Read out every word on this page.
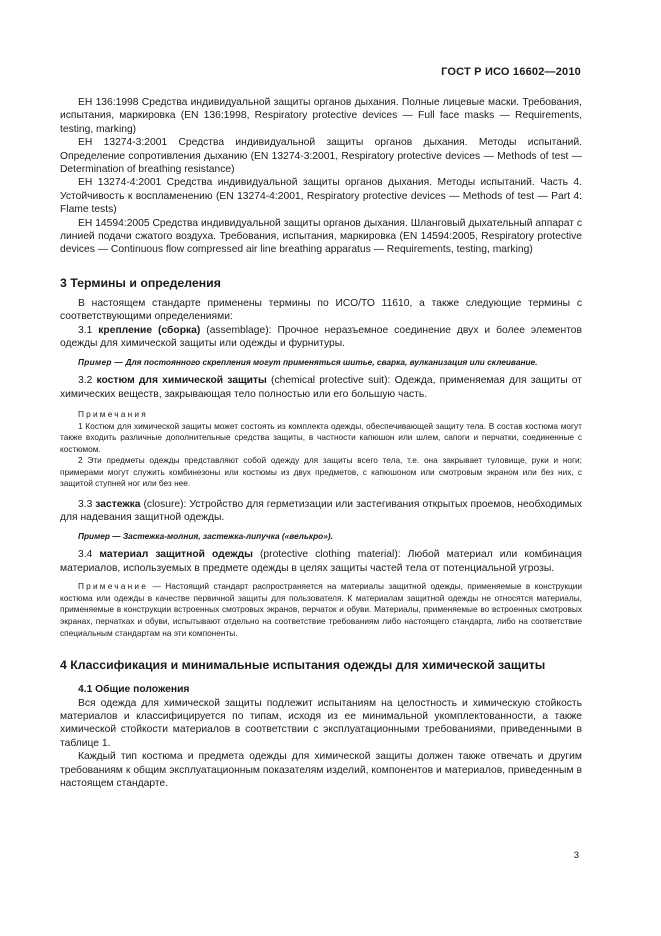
ГОСТ Р ИСО 16602—2010

ЕН 136:1998 Средства индивидуальной защиты органов дыхания. Полные лицевые маски. Требования, испытания, маркировка (EN 136:1998, Respiratory protective devices — Full face masks — Requirements, testing, marking)

ЕН 13274-3:2001 Средства индивидуальной защиты органов дыхания. Методы испытаний. Определение сопротивления дыханию (EN 13274-3:2001, Respiratory protective devices — Methods of test — Determination of breathing resistance)

ЕН 13274-4:2001 Средства индивидуальной защиты органов дыхания. Методы испытаний. Часть 4. Устойчивость к воспламенению (EN 13274-4:2001, Respiratory protective devices — Methods of test — Part 4: Flame tests)

ЕН 14594:2005 Средства индивидуальной защиты органов дыхания. Шланговый дыхательный аппарат с линией подачи сжатого воздуха. Требования, испытания, маркировка (EN 14594:2005, Respiratory protective devices — Continuous flow compressed air line breathing apparatus — Requirements, testing, marking)

3 Термины и определения

В настоящем стандарте применены термины по ИСО/ТО 11610, а также следующие термины с соответствующими определениями:

3.1 крепление (сборка) (assemblage): Прочное неразъемное соединение двух и более элементов одежды для химической защиты или одежды и фурнитуры.

Пример — Для постоянного скрепления могут применяться шитье, сварка, вулканизация или склеивание.

3.2 костюм для химической защиты (chemical protective suit): Одежда, применяемая для защиты от химических веществ, закрывающая тело полностью или его большую часть.

Примечания

1 Костюм для химической защиты может состоять из комплекта одежды, обеспечивающей защиту тела. В состав костюма могут также входить различные дополнительные средства защиты, в частности капюшон или шлем, сапоги и перчатки, соединенные с костюмом.

2 Эти предметы одежды представляют собой одежду для защиты всего тела, т.е. она закрывает туловище, руки и ноги; примерами могут служить комбинезоны или костюмы из двух предметов, с капюшоном или смотровым экраном или без них, с защитой ступней ног или без нее.

3.3 застежка (closure): Устройство для герметизации или застегивания открытых проемов, необходимых для надевания защитной одежды.

Пример — Застежка-молния, застежка-липучка («велькро»).

3.4 материал защитной одежды (protective clothing material): Любой материал или комбинация материалов, используемых в предмете одежды в целях защиты частей тела от потенциальной угрозы.

Примечание — Настоящий стандарт распространяется на материалы защитной одежды, применяемые в конструкции костюма или одежды в качестве первичной защиты для пользователя. К материалам защитной одежды не относятся материалы, применяемые в конструкции встроенных смотровых экранов, перчаток и обуви. Материалы, применяемые во встроенных смотровых экранах, перчатках и обуви, испытывают отдельно на соответствие требованиям либо настоящего стандарта, либо на соответствие специальным стандартам на эти компоненты.

4 Классификация и минимальные испытания одежды для химической защиты

4.1 Общие положения

Вся одежда для химической защиты подлежит испытаниям на целостность и химическую стойкость материалов и классифицируется по типам, исходя из ее минимальной укомплектованности, а также химической стойкости материалов в соответствии с эксплуатационными требованиями, приведенными в таблице 1.

Каждый тип костюма и предмета одежды для химической защиты должен также отвечать и другим требованиям к общим эксплуатационным показателям изделий, компонентов и материалов, приведенным в настоящем стандарте.

3
